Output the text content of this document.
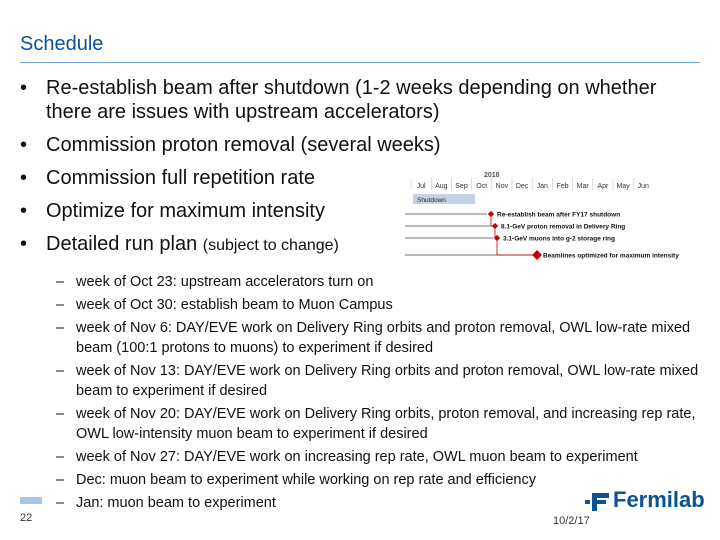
Schedule
• Re-establish beam after shutdown (1-2 weeks depending on whether there are issues with upstream accelerators)
• Commission proton removal (several weeks)
• Commission full repetition rate
• Optimize for maximum intensity
• Detailed run plan (subject to change)
2018
Jul Aug Sep Oct Nov Dec Jan Feb Mar Apr May Jun
Shutdown
Re-establish beam after FY17 shutdown
8.1-GeV proton removal in Delivery Ring
3.1-GeV muons into g-2 storage ring
Beamlines optimized for maximum intensity
22	10/2/17
Fermilab
– week of Oct 23: upstream accelerators turn on
– week of Oct 30: establish beam to Muon Campus
– week of Nov 6: DAY/EVE work on Delivery Ring orbits and proton removal, OWL low-rate mixed beam (100:1 protons to muons) to experiment if desired
– week of Nov 13: DAY/EVE work on Delivery Ring orbits and proton removal, OWL low-rate mixed beam to experiment if desired
– week of Nov 20: DAY/EVE work on Delivery Ring orbits, proton removal, and increasing rep rate, OWL low-intensity muon beam to experiment if desired
– week of Nov 27: DAY/EVE work on increasing rep rate, OWL muon beam to experiment
– Dec: muon beam to experiment while working on rep rate and efficiency
– Jan: muon beam to experiment
